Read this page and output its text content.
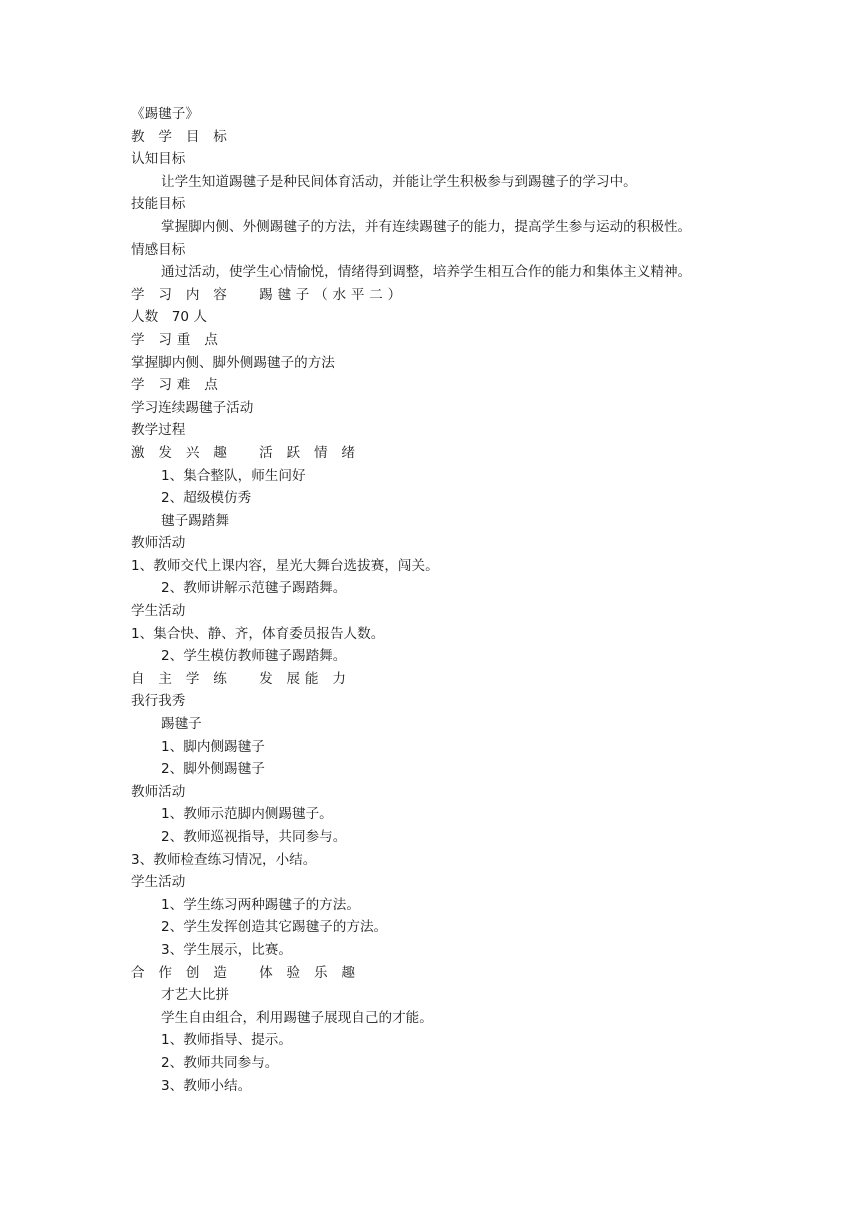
《踢毽子》

教 学 目 标

认知目标

让学生知道踢毽子是种民间体育活动，并能让学生积极参与到踢毽子的学习中。

技能目标

掌握脚内侧、外侧踢毽子的方法，并有连续踢毽子的能力，提高学生参与运动的积极性。

情感目标

通过活动，使学生心情愉悦，情绪得到调整，培养学生相互合作的能力和集体主义精神。

学 习 内 容　 踢毽子（水平二）

人数　70 人

学 习重 点

掌握脚内侧、脚外侧踢毽子的方法

学 习难 点

学习连续踢毽子活动

教学过程

激 发 兴 趣　 活 跃 情 绪

1、集合整队，师生问好

2、超级模仿秀

毽子踢踏舞

教师活动

1、教师交代上课内容，星光大舞台选拔赛，闯关。

2、教师讲解示范毽子踢踏舞。

学生活动

1、集合快、静、齐，体育委员报告人数。

2、学生模仿教师毽子踢踏舞。

自 主 学 练　 发 展能 力

我行我秀

踢毽子

1、脚内侧踢毽子

2、脚外侧踢毽子

教师活动

1、教师示范脚内侧踢毽子。

2、教师巡视指导，共同参与。

3、教师检查练习情况，小结。

学生活动

1、学生练习两种踢毽子的方法。

2、学生发挥创造其它踢毽子的方法。

3、学生展示，比赛。

合 作 创 造　 体 验 乐 趣

才艺大比拼

学生自由组合，利用踢毽子展现自己的才能。

1、教师指导、提示。

2、教师共同参与。

3、教师小结。
